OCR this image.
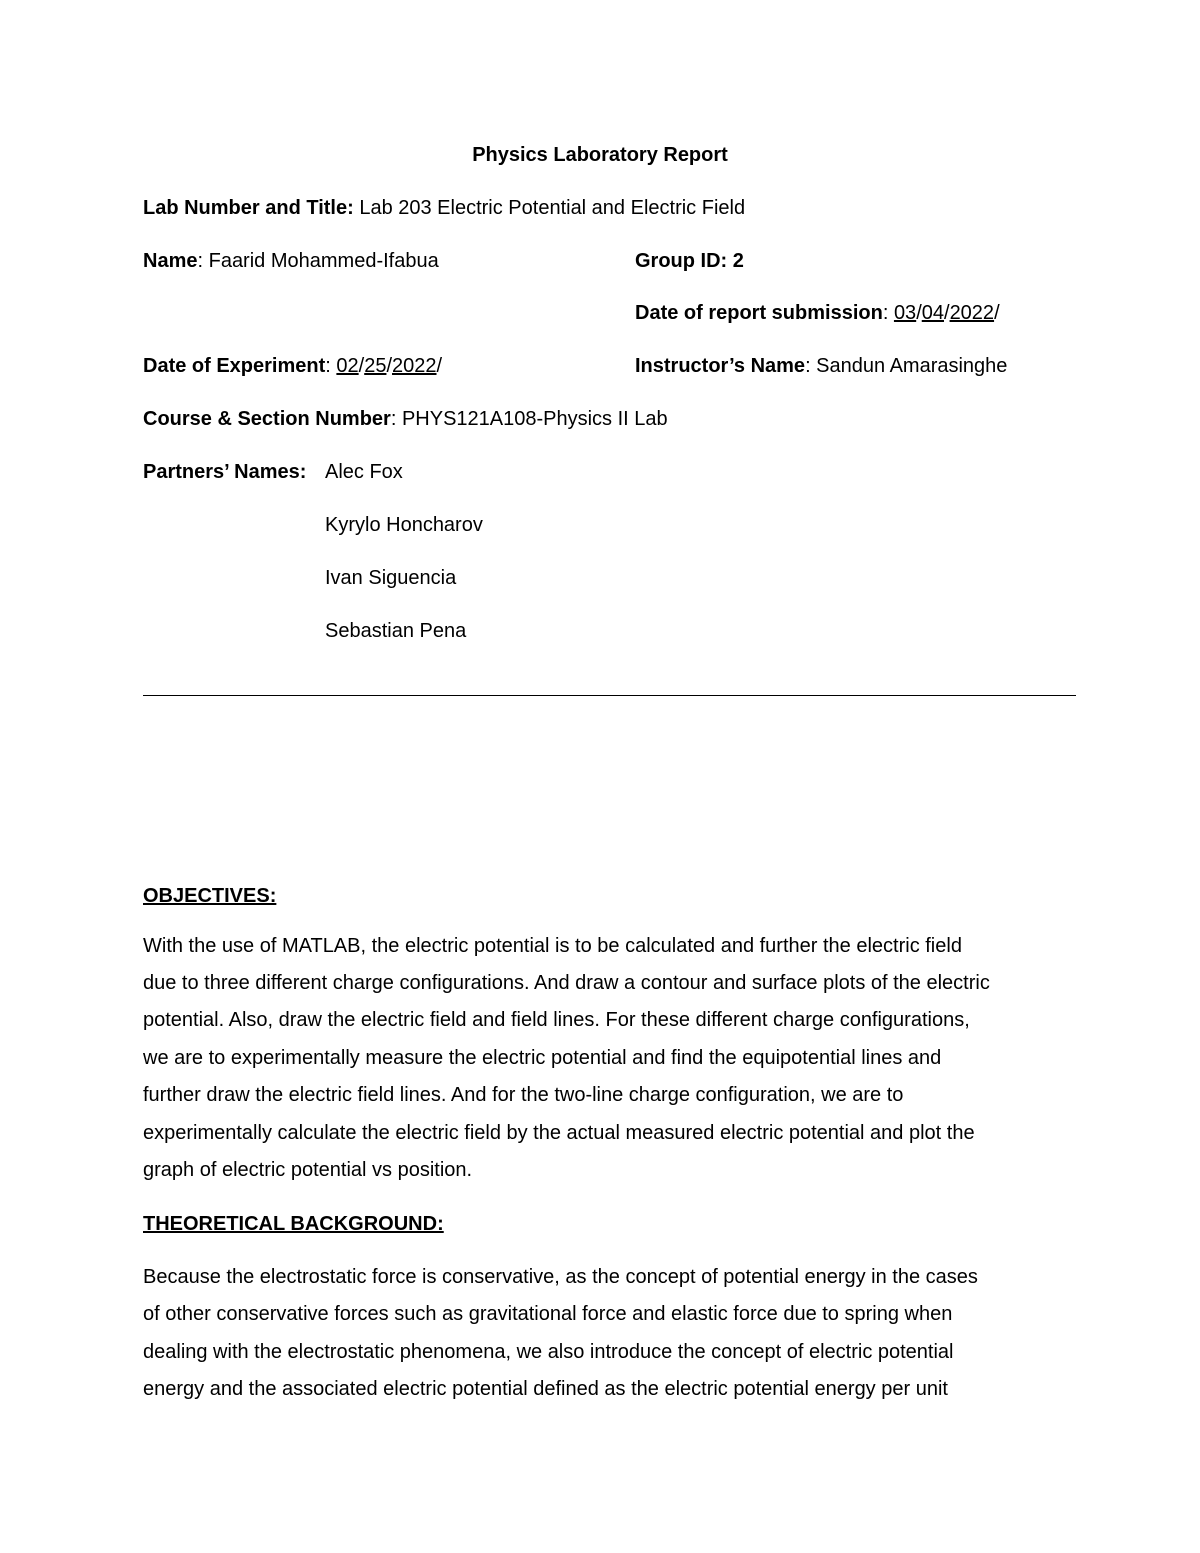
Physics Laboratory Report
Lab Number and Title: Lab 203 Electric Potential and Electric Field
Name: Faarid Mohammed-Ifabua	Group ID: 2
Date of report submission: 03/04/2022/
Date of Experiment: 02/25/2022/	Instructor’s Name: Sandun Amarasinghe
Course & Section Number: PHYS121A108-Physics II Lab
Partners’ Names: Alec Fox
Kyrylo Honcharov
Ivan Siguencia
Sebastian Pena
OBJECTIVES:
With the use of MATLAB, the electric potential is to be calculated and further the electric field
due to three different charge configurations. And draw a contour and surface plots of the electric
potential. Also, draw the electric field and field lines. For these different charge configurations,
we are to experimentally measure the electric potential and find the equipotential lines and
further draw the electric field lines. And for the two-line charge configuration, we are to
experimentally calculate the electric field by the actual measured electric potential and plot the
graph of electric potential vs position.
THEORETICAL BACKGROUND:
Because the electrostatic force is conservative, as the concept of potential energy in the cases
of other conservative forces such as gravitational force and elastic force due to spring when
dealing with the electrostatic phenomena, we also introduce the concept of electric potential
energy and the associated electric potential defined as the electric potential energy per unit
